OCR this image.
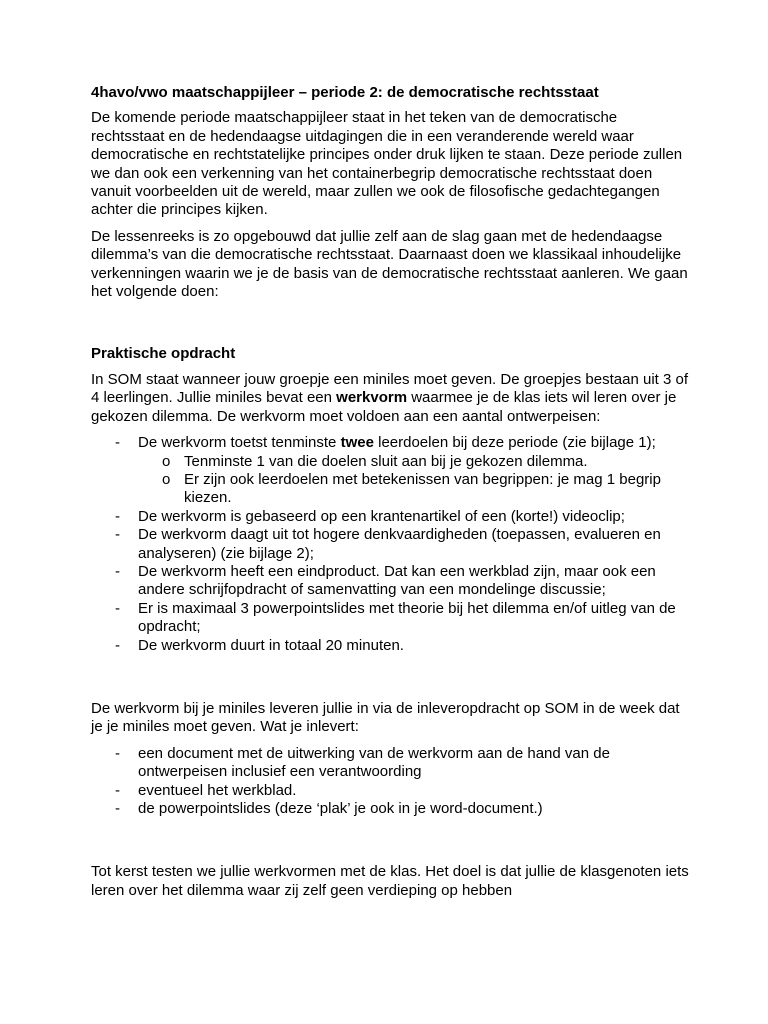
4havo/vwo maatschappijleer – periode 2: de democratische rechtsstaat

De komende periode maatschappijleer staat in het teken van de democratische rechtsstaat en de hedendaagse uitdagingen die in een veranderende wereld waar democratische en rechtstatelijke principes onder druk lijken te staan. Deze periode zullen we dan ook een verkenning van het containerbegrip democratische rechtsstaat doen vanuit voorbeelden uit de wereld, maar zullen we ook de filosofische gedachtegangen achter die principes kijken.

De lessenreeks is zo opgebouwd dat jullie zelf aan de slag gaan met de hedendaagse dilemma’s van die democratische rechtsstaat. Daarnaast doen we klassikaal inhoudelijke verkenningen waarin we je de basis van de democratische rechtsstaat aanleren. We gaan het volgende doen:

Praktische opdracht

In SOM staat wanneer jouw groepje een miniles moet geven. De groepjes bestaan uit 3 of 4 leerlingen. Jullie miniles bevat een werkvorm waarmee je de klas iets wil leren over je gekozen dilemma. De werkvorm moet voldoen aan een aantal ontwerpeisen:

- De werkvorm toetst tenminste twee leerdoelen bij deze periode (zie bijlage 1);
o Tenminste 1 van die doelen sluit aan bij je gekozen dilemma.
o Er zijn ook leerdoelen met betekenissen van begrippen: je mag 1 begrip kiezen.
- De werkvorm is gebaseerd op een krantenartikel of een (korte!) videoclip;
- De werkvorm daagt uit tot hogere denkvaardigheden (toepassen, evalueren en analyseren) (zie bijlage 2);
- De werkvorm heeft een eindproduct. Dat kan een werkblad zijn, maar ook een andere schrijfopdracht of samenvatting van een mondelinge discussie;
- Er is maximaal 3 powerpointslides met theorie bij het dilemma en/of uitleg van de opdracht;
- De werkvorm duurt in totaal 20 minuten.

De werkvorm bij je miniles leveren jullie in via de inleveropdracht op SOM in de week dat je je miniles moet geven. Wat je inlevert:

- een document met de uitwerking van de werkvorm aan de hand van de ontwerpeisen inclusief een verantwoording
- eventueel het werkblad.
- de powerpointslides (deze ‘plak’ je ook in je word-document.)

Tot kerst testen we jullie werkvormen met de klas. Het doel is dat jullie de klasgenoten iets leren over het dilemma waar zij zelf geen verdieping op hebben
